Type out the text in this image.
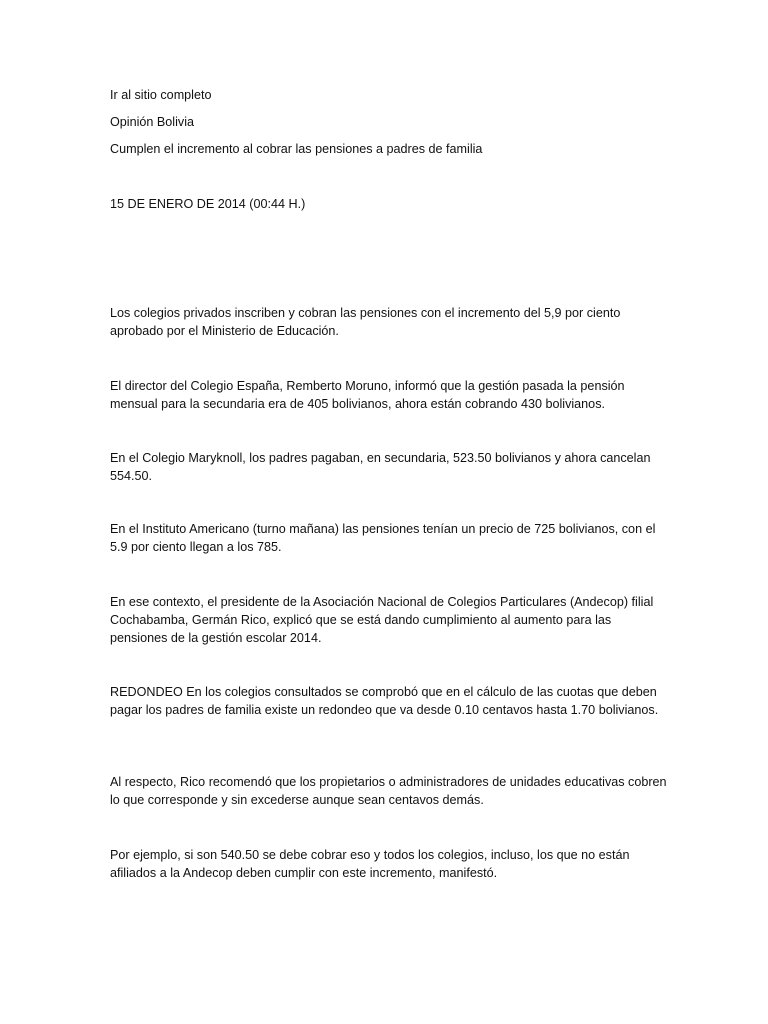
Ir al sitio completo

Opinión Bolivia

Cumplen el incremento al cobrar las pensiones a padres de familia

15 DE ENERO DE 2014 (00:44 H.)

Los colegios privados inscriben y cobran las pensiones con el incremento del 5,9 por ciento aprobado por el Ministerio de Educación.

El director del Colegio España, Remberto Moruno, informó que la gestión pasada la pensión mensual para la secundaria era de 405 bolivianos, ahora están cobrando 430 bolivianos.

En el Colegio Maryknoll, los padres pagaban, en secundaria, 523.50 bolivianos y ahora cancelan 554.50.

En el Instituto Americano (turno mañana) las pensiones tenían un precio de 725 bolivianos, con el 5.9 por ciento llegan a los 785.

En ese contexto, el presidente de la Asociación Nacional de Colegios Particulares (Andecop) filial Cochabamba, Germán Rico, explicó que se está dando cumplimiento al aumento para las pensiones de la gestión escolar 2014.

REDONDEO En los colegios consultados se comprobó que en el cálculo de las cuotas que deben pagar los padres de familia existe un redondeo que va desde 0.10 centavos hasta 1.70 bolivianos.

Al respecto, Rico recomendó que los propietarios o administradores de unidades educativas cobren lo que corresponde y sin excederse aunque sean centavos demás.

Por ejemplo, si son 540.50 se debe cobrar eso y todos los colegios, incluso, los que no están afiliados a la Andecop deben cumplir con este incremento, manifestó.
